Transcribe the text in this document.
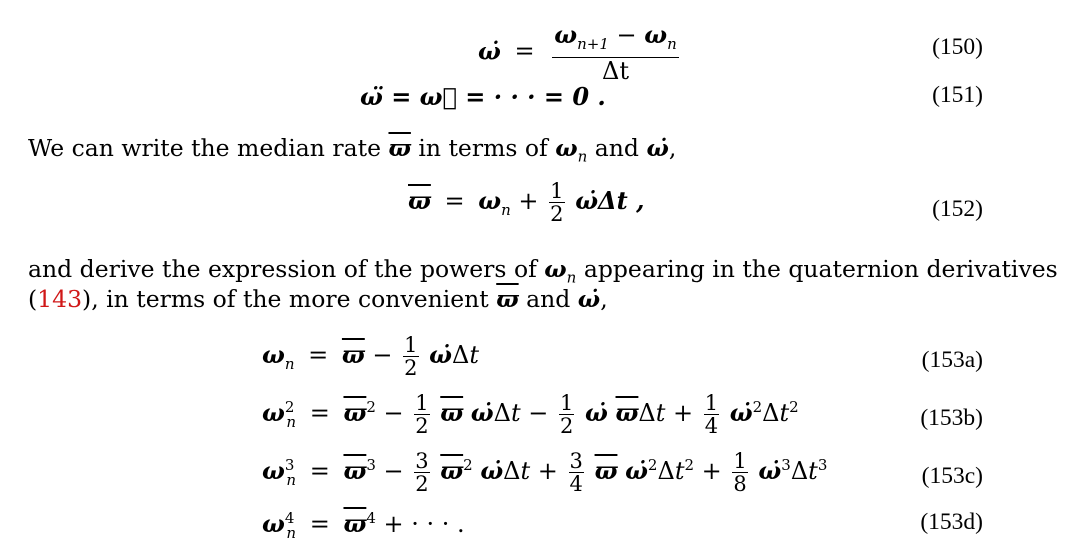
ω̇ = $\frac{\omega_{n+1} - \omega_n}{\Delta t}$	(150)
ω̈ = ω⃛ = · · · = 0 .	(151)
We can write the median rate $\overline{ϖ}$ in terms of $\omega_n$ and ω̇,
$\overline{ϖ} = \omega_n + \frac{1}{2}$ ω̇Δt ,	(152)
and derive the expression of the powers of $\omega_n$ appearing in the quaternion derivatives
(143), in terms of the more convenient $\overline{ϖ}$ and ω̇,
$\omega_n = \overline{ϖ} - \frac{1}{2}$ ω̇Δt	(153a)
$\omega^2_n = \overline{ϖ}^2 - \frac{1}{2} \overline{ϖ}$ ω̇Δt − $\frac{1}{2}$ ω̇ $\overline{ϖ}\Delta t + \frac{1}{4}$ $\omegȧ^2\Delta t^2$	(153b)
$\omega^3_n = \overline{ϖ}^3 - \frac{3}{2} \overline{ϖ}^2$ ω̇Δt + $\frac{3}{4} \overline{ϖ}$ $\omegȧ^2\Delta t^2 + \frac{1}{8}$ $\omegȧ^3\Delta t^3$	(153c)
$\omega^4_n = \overline{ϖ}^4$ + · · · .	(153d)
